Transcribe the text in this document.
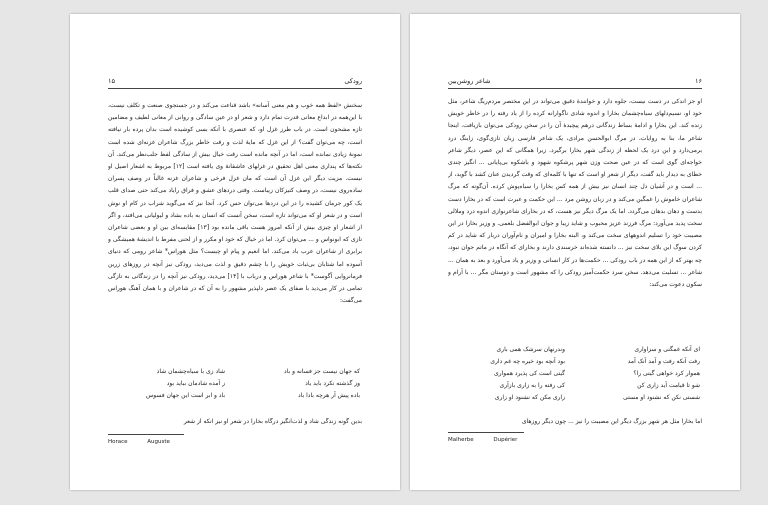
۱۵	رودکی
سخنش «لفظ همه خوب و هم معنی آسانه» باشد قناعت می‌کند و در جستجوی صنعت و تکلف نیست، با این‌همه در ابداع معانی قدرت تمام دارد و شعر او در عین سادگی و روانی از معانی لطیف و مضامین تازه مشحون است. در باب طرز غزل او، که عنصری با آنکه بسی کوشیده است بدان پرده بار نیافته است، چه می‌توان گفت؟ از این غزل که مایهٔ لذت و رقت خاطر بزرگ شاعران غزنه‌ای شده است نمونهٔ زیادی نمانده است، اما در آنچه مانده است رقت خیال بیش از سادگی لفظ جلب‌نظر می‌کند. آن نکته‌ها که پنداری معنی اهل تحقیق در غزلهای عاشقانهٔ وی یافته است [۱۲] مربوط به اشعار اصیل او نیست. مزیت دیگر این غزل آن است که مان غزل فرخی و شاعران غزنه غالباً در وصف پسران ساده‌روی نیست، در وصف کنیزکان زیباست. وقتی دردهای عشق و فراق رایاد می‌کند حتی صدای قلب یک کور جرمان کشیده را در این دردها می‌توان حس کرد. آنجا نیز که می‌گوید شراب در کام او نوش است و در شعر او که می‌تواند تازه است، سخن آنست که انسان به باده بشاد و لیولیانی می‌افتد، و اگر از اشعار او چیزی بیش از آنکه امروز هست باقی مانده بود [۱۳] مقایسه‌ای بین او و بعضی شاعران تازی که ابونواس و ... می‌توان کرد. اما در خیال که خود او مکرر و از لحنی مفرط با اندیشهٔ همیشگی و برابری از شاعران عرب یاد می‌کند. اما انعیم و پیام او چیست؟ مثل هوراس* شاعر رومی که دنیای آسوده اما شتابان بی‌ثبات خویش را با چشم دقیق و لذت می‌دید، رودکی نیز آنچه در روزهای زرین فرمانروایی آگوست* با شاعر هوراس و درباب با [۱۴] می‌دید، رودکی نیز آنچه را در زندگانی به تازگی تمامی در کار می‌دید با صفای یک عصر دلپذیر مشهور را به آن که در شاعران و با همان آهنگ هوراس می‌گفت:
که جهان نیست جز فسانه و باد
شاد زی با سیاه‌چشمان شاد
وز گذشته نکرد باید یاد
ز آمده شادمان بباید بود
باده پیش آر هرچه بادا باد
باد و ابر است این جهان فسوس
بدین گونه زندگی شاد و لذت‌انگیز درگاه بخارا در شعر او نیز آنکه از شعر
Horace	Auguste
۱۶
شاعر روشن‌بین
او جز اندکی در دست نیست، جلوه دارد و خوانندهٔ دقیق می‌تواند در این مختصر مردم‌ریگ شاعر، مثل خود او، نسیم‌دلهای سیاه‌چشمان بخارا و اندوه شادی ناگوارانه کرده را از یاد رفته را در خاطر خویش زنده کند. این بخارا و ادامهٔ بساط زندگانی درهم پیچیدهٔ آن را در سخن رودکی می‌توان بازیافت. اینجا شاعر ما، بنا به روایات، در مرگ ابوالحسن مرادی، یک شاعر فارسی زبان تازی‌گوی، زاینگ درد برمی‌دارد و این درد یک لحظه از زندگی شهر بخارا برگیرد. زیرا همگانی که این عصر، دیگر شاعر خواجه‌ای گوی است که در عین صحت وزن شهر پرشکوه شهود و باشکوه بی‌پایانی ... انگیز چندی خطای به دیدار باید گفت، دیگر از شعر او است که تنها با کلمه‌ای که وقت گردیدن عنان کشد با گوید، از ... است و در آشیان دل چند انسان نیز بیش از همه کس بخارا را سیاه‌پوش کرده. آن‌گونه که مرگ شاعران خاموش را غمگین می‌کند و در زبان روشن مرد ... این حکمت و عبرت است که در بخارا دست بدست و دهان بدهان می‌گردد. اما یک مرگ دیگر نیز هست، که در بخارای شاعرنوازی اندوه درد وملالی سخت پدید می‌آورد: مرگ فرزند عزیز محبوب و شاید زیبا و جوان ابوالفضل بلعمی. و وزیر بخارا در این مصیبت خود را تسلیم اندوههای سخت می‌کند و، البته بخارا و امیران و نام‌آوران دربار که شاید در کم کردن سوگ این بلای سخت نیز ... دانسته شده‌اند خرسندی دارند و بخارای که آنگاه در ماتم جوان نبود، چه بهتر که از این همه در باب رودکی ... حکمت‌ها در کار انسانی و وزیر و یاد می‌آورد و بعد به همان ... شاعر ... تسلیت می‌دهد. سخن سرد حکمت‌آمیز رودکی را که مشهور است و دوستان مگر ... با آرام و سکون دعوت می‌کند:
ای آنکه غمگنی و سزاواری
وندرنهان سرشک همی باری
رفت آنکه رفت و آمد آنک آمد
بود آنچه بود خیره چه غم داری
هموار کرد خواهی گیتی را؟
گیتی است کی پذیرد همواری
شو تا قیامت آید زاری کن
کی رفته را به زاری بازآری
شستی نکن که نشنود او مستی
زاری مکن که نشنود او زاری
اما بخارا مثل هر شهر بزرگ دیگر این مصیبت را نیز ... چون دیگر روزهای
Malherbe	Dupérier
